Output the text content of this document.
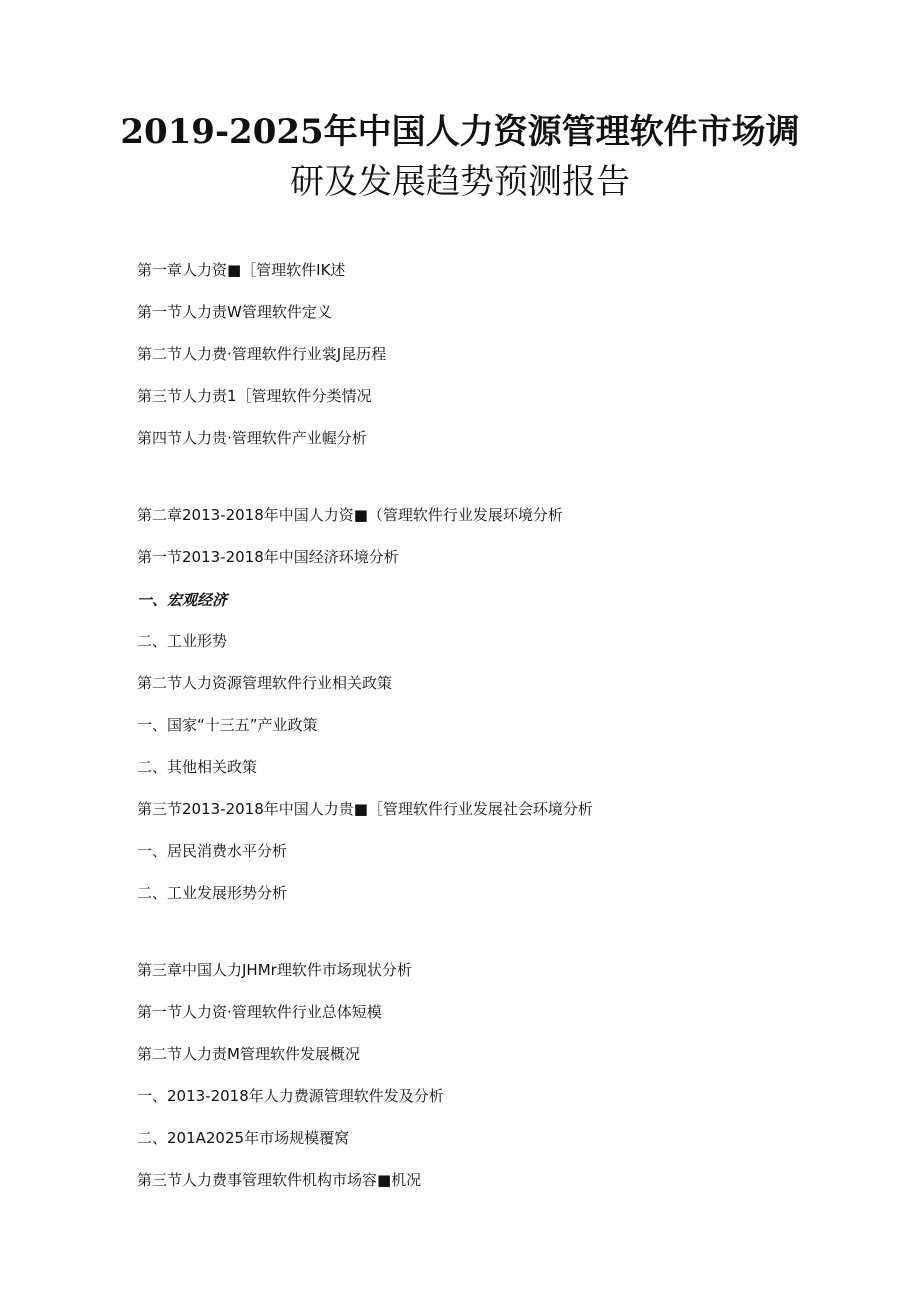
2019-2025年中国人力资源管理软件市场调
研及发展趋势预测报告
第一章人力资■［管理软件IK述
第一节人力责W管理软件定义
第二节人力费·管理软件行业裳J昆历程
第三节人力责1［管理软件分类情况
第四节人力贵·管理软件产业幄分析
第二章2013-2018年中国人力资■（管理软件行业发展环境分析
第一节2013-2018年中国经济环境分析
一、宏观经济
二、工业形势
第二节人力资源管理软件行业相关政策
一、国家“十三五”产业政策
二、其他相关政策
第三节2013-2018年中国人力贵■［管理软件行业发展社会环境分析
一、居民消费水平分析
二、工业发展形势分析
第三章中国人力JHMr理软件市场现状分析
第一节人力资·管理软件行业总体短模
第二节人力责M管理软件发展概况
一、2013-2018年人力费源管理软件发及分析
二、201A2025年市场规模覆窝
第三节人力费事管理软件机构市场容■机况
